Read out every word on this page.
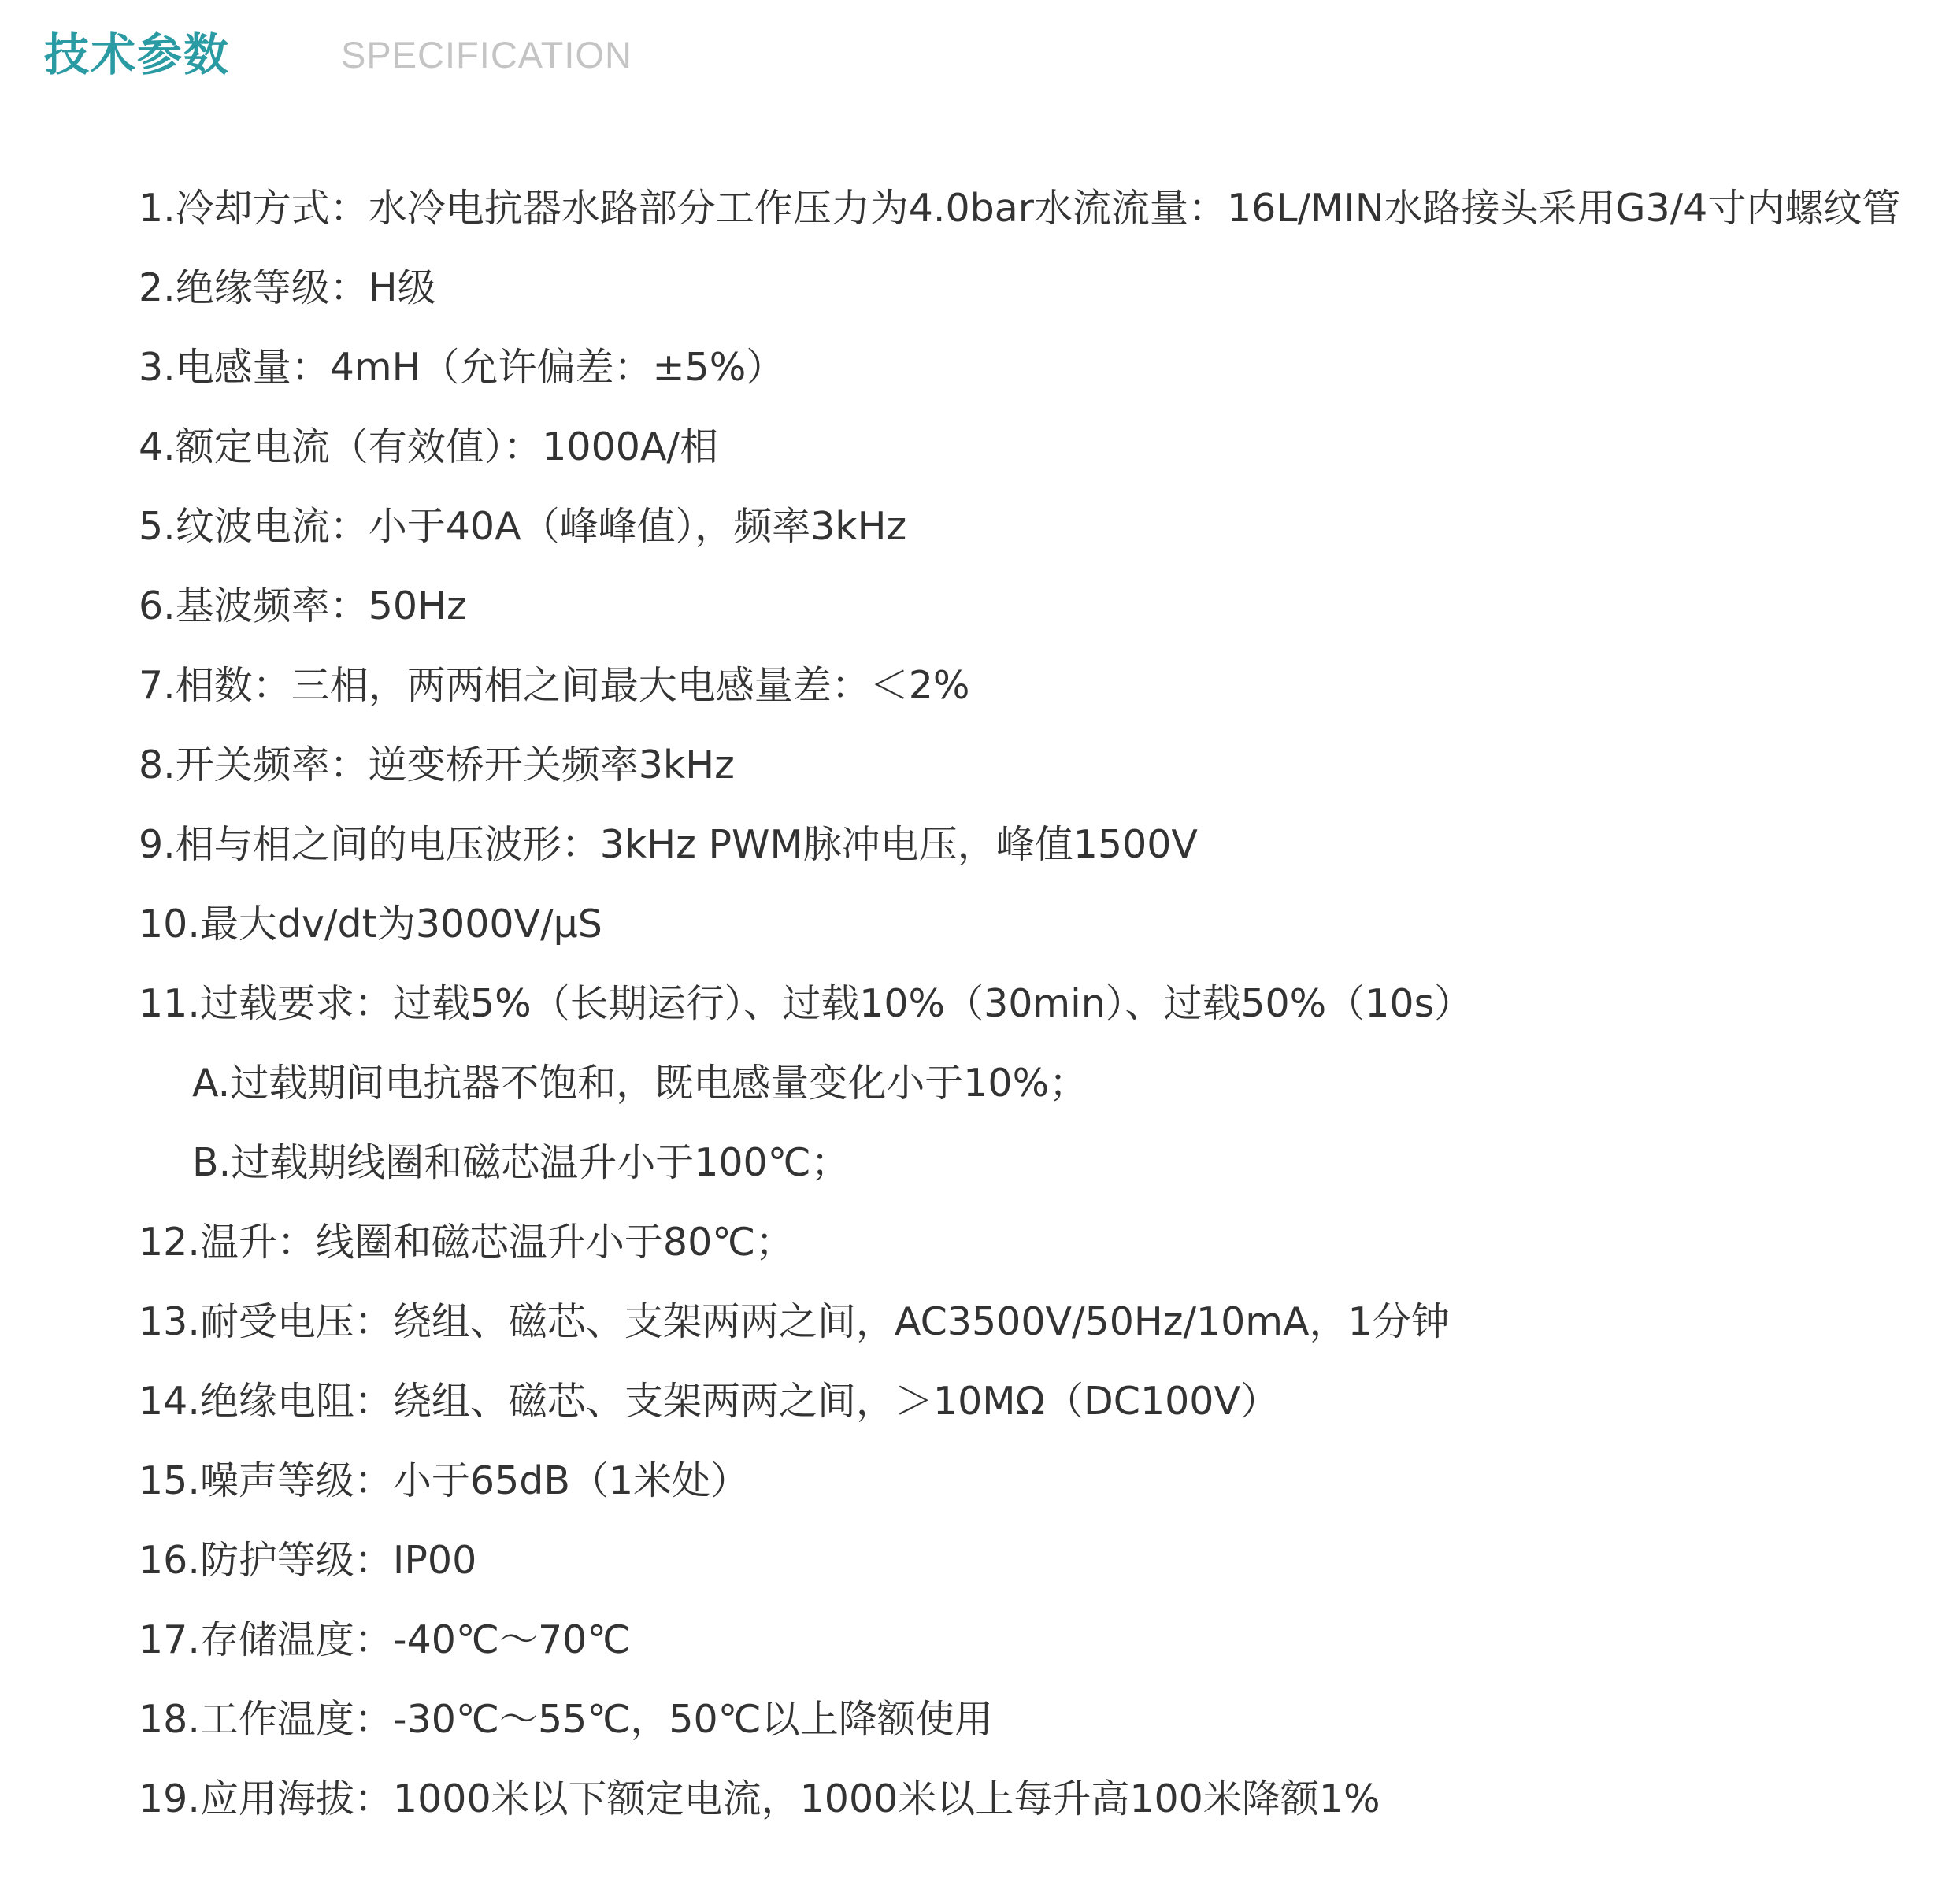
技术参数	SPECIFICATION
1.冷却方式：水冷电抗器水路部分工作压力为4.0bar水流流量：16L/MIN水路接头采用G3/4寸内螺纹管
2.绝缘等级：H级
3.电感量：4mH（允许偏差：±5%）
4.额定电流（有效值）：1000A/相
5.纹波电流：小于40A（峰峰值），频率3kHz
6.基波频率：50Hz
7.相数：三相，两两相之间最大电感量差：＜2%
8.开关频率：逆变桥开关频率3kHz
9.相与相之间的电压波形：3kHz PWM脉冲电压，峰值1500V
10.最大dv/dt为3000V/µS
11.过载要求：过载5%（长期运行）、过载10%（30min）、过载50%（10s）
A.过载期间电抗器不饱和，既电感量变化小于10%；
B.过载期线圈和磁芯温升小于100℃；
12.温升：线圈和磁芯温升小于80℃；
13.耐受电压：绕组、磁芯、支架两两之间，AC3500V/50Hz/10mA，1分钟
14.绝缘电阻：绕组、磁芯、支架两两之间，＞10MΩ（DC100V）
15.噪声等级：小于65dB（1米处）
16.防护等级：IP00
17.存储温度：-40℃～70℃
18.工作温度：-30℃～55℃，50℃以上降额使用
19.应用海拔：1000米以下额定电流，1000米以上每升高100米降额1%
